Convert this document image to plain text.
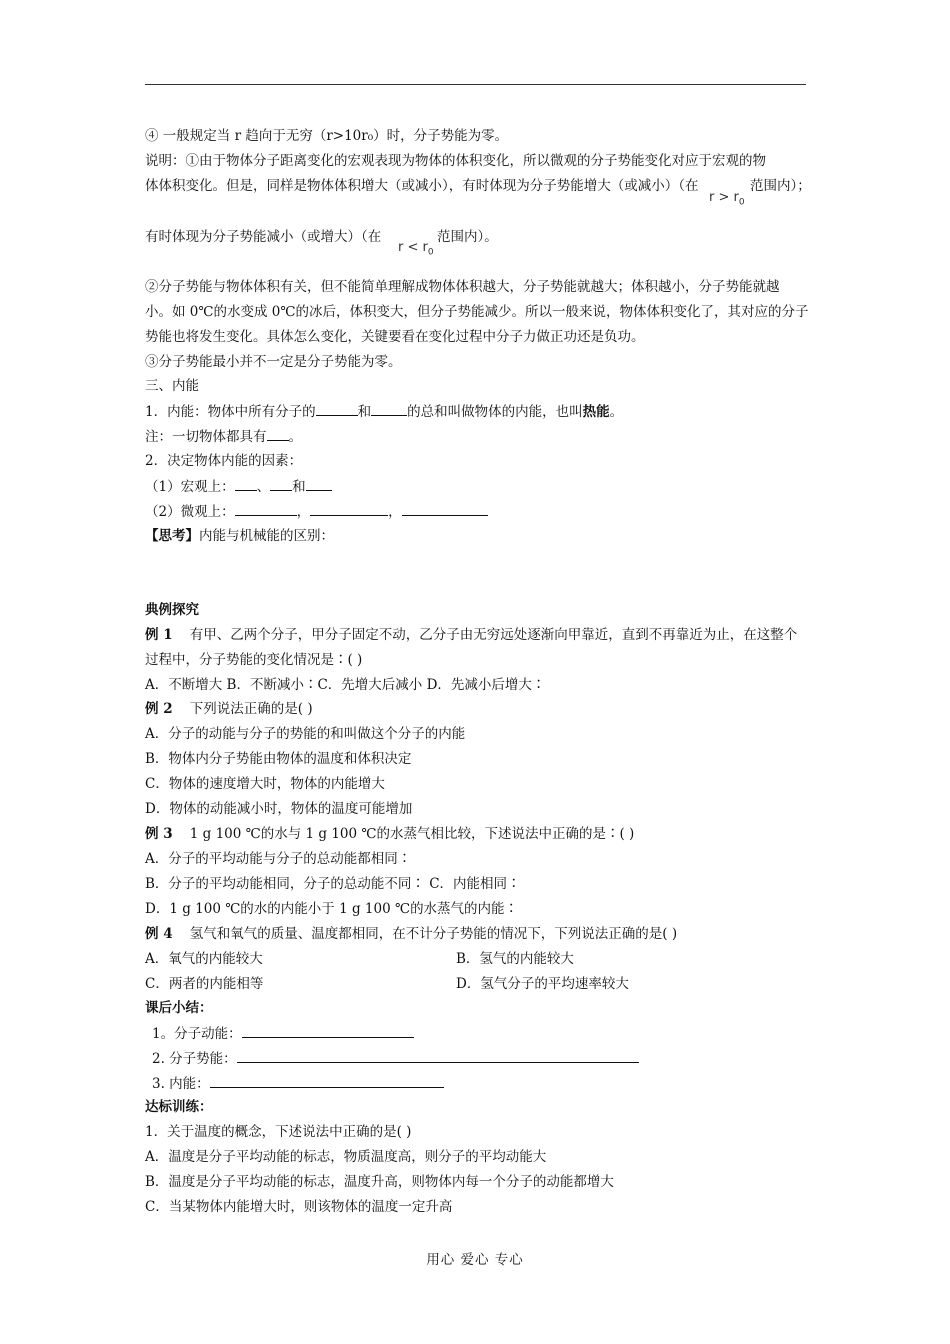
④ 一般规定当 r 趋向于无穷（r>10r₀）时，分子势能为零。
说明：①由于物体分子距离变化的宏观表现为物体的体积变化，所以微观的分子势能变化对应于宏观的物
体体积变化。但是，同样是物体体积增大（或减小），有时体现为分子势能增大（或减小）（在
$r > r_0$
范围内）；
有时体现为分子势能减小（或增大）（在
$r < r_0$
范围内）。
②分子势能与物体体积有关，但不能简单理解成物体体积越大，分子势能就越大；体积越小，分子势能就越
小。如 0℃的水变成 0℃的冰后，体积变大，但分子势能减少。所以一般来说，物体体积变化了，其对应的分子
势能也将发生变化。具体怎么变化，关键要看在变化过程中分子力做正功还是负功。
③分子势能最小并不一定是分子势能为零。
三、内能
1．内能：物体中所有分子的	和	的总和叫做物体的内能，也叫热能。
注：一切物体都具有 。
2．决定物体内能的因素：
（1）宏观上： 、 和
（2）微观上：	，	，
【思考】内能与机械能的区别：
典例探究
例 1 有甲、乙两个分子，甲分子固定不动，乙分子由无穷远处逐渐向甲靠近，直到不再靠近为止，在这整个
过程中，分子势能的变化情况是∶( )
A．不断增大 B．不断减小∶C．先增大后减小 D．先减小后增大∶
例 2 下列说法正确的是( )
A．分子的动能与分子的势能的和叫做这个分子的内能
B．物体内分子势能由物体的温度和体积决定
C．物体的速度增大时，物体的内能增大
D．物体的动能减小时，物体的温度可能增加
例 3 1 g 100 ℃的水与 1 g 100 ℃的水蒸气相比较，下述说法中正确的是∶( )
A．分子的平均动能与分子的总动能都相同∶
B．分子的平均动能相同，分子的总动能不同∶ C．内能相同∶
D．1 g 100 ℃的水的内能小于 1 g 100 ℃的水蒸气的内能∶
例 4 氢气和氧气的质量、温度都相同，在不计分子势能的情况下，下列说法正确的是( )
A．氧气的内能较大	B．氢气的内能较大
C．两者的内能相等	D．氢气分子的平均速率较大
课后小结：
1。分子动能：
2. 分子势能：
3. 内能：
达标训练：
1．关于温度的概念，下述说法中正确的是( )
A．温度是分子平均动能的标志，物质温度高，则分子的平均动能大
B．温度是分子平均动能的标志，温度升高，则物体内每一个分子的动能都增大
C．当某物体内能增大时，则该物体的温度一定升高
用心 爱心 专心
